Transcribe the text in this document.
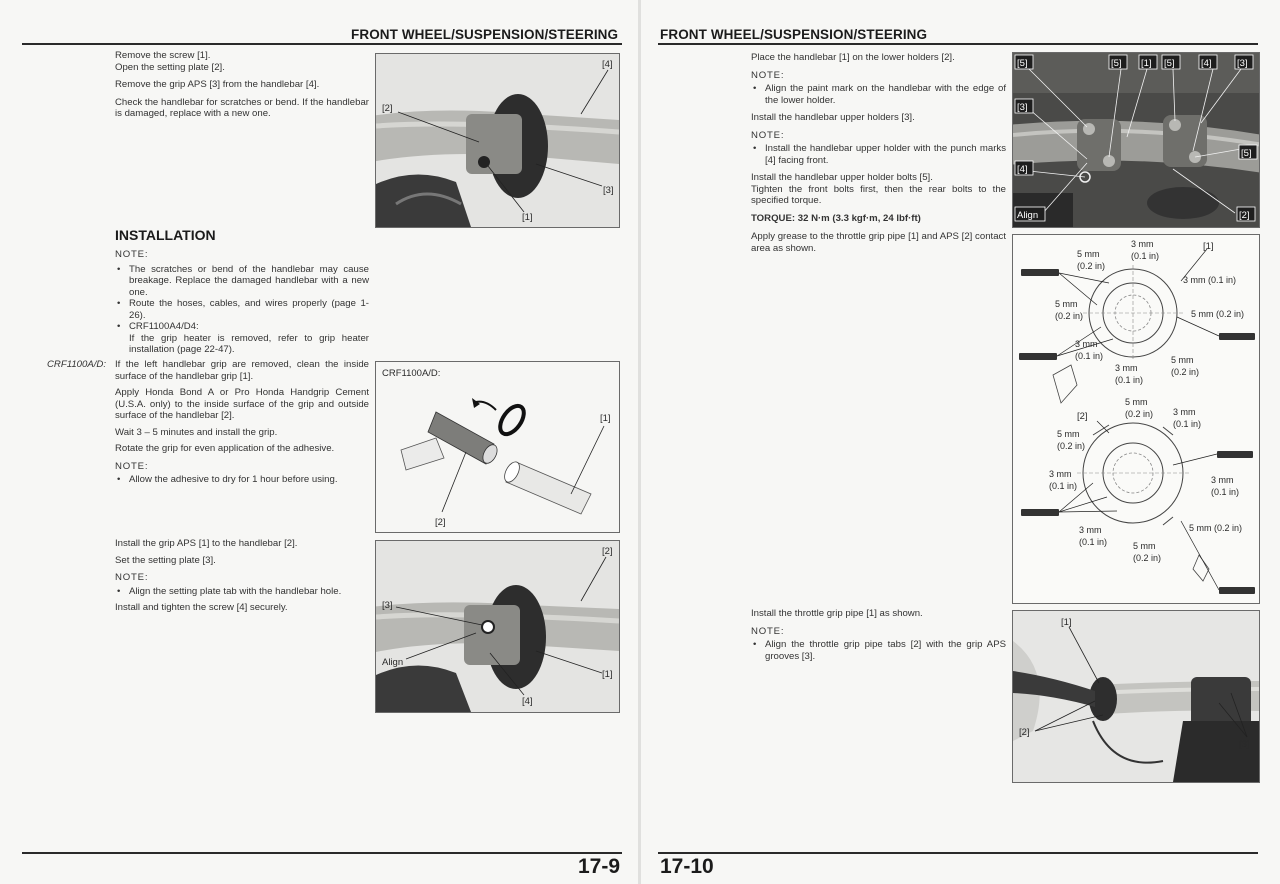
FRONT WHEEL/SUSPENSION/STEERING

Remove the screw [1].

Open the setting plate [2].

Remove the grip APS [3] from the handlebar [4].

Check the handlebar for scratches or bend. If the handlebar is damaged, replace with a new one.

[4]
[2]
[3]
[1]
INSTALLATION

NOTE:

• The scratches or bend of the handlebar may cause breakage. Replace the damaged handlebar with a new one.

• Route the hoses, cables, and wires properly (page 1-26).

• CRF1100A4/D4:

If the grip heater is removed, refer to grip heater installation (page 22-47).

CRF1100A/D: If the left handlebar grip are removed, clean the inside surface of the handlebar grip [1].

Apply Honda Bond A or Pro Honda Handgrip Cement (U.S.A. only) to the inside surface of the grip and outside surface of the handlebar [2].

Wait 3 – 5 minutes and install the grip.

Rotate the grip for even application of the adhesive.

NOTE:

• Allow the adhesive to dry for 1 hour before using.

CRF1100A/D:
[1]
[2]

Install the grip APS [1] to the handlebar [2].

Set the setting plate [3].

NOTE:

• Align the setting plate tab with the handlebar hole.

Install and tighten the screw [4] securely.

[2]
[3]
Align
[1]
[4]
17-9
FRONT WHEEL/SUSPENSION/STEERING

Place the handlebar [1] on the lower holders [2].

NOTE:

• Align the paint mark on the handlebar with the edge of the lower holder.

Install the handlebar upper holders [3].

NOTE:

• Install the handlebar upper holder with the punch marks [4] facing front.

Install the handlebar upper holder bolts [5].

Tighten the front bolts first, then the rear bolts to the specified torque.

TORQUE: 32 N·m (3.3 kgf·m, 24 lbf·ft)

Apply grease to the throttle grip pipe [1] and APS [2] contact area as shown.

[5]	[5] [1] [5]	[4]	[3]
[3]
[5]
[4]
Align	[2]
3 mm
(0.1 in)
[1]
5 mm
(0.2 in)
3 mm (0.1 in)
5 mm
(0.2 in)	5 mm (0.2 in)
3 mm
(0.1 in)	5 mm
(0.2 in)
3 mm
(0.1 in)
5 mm
(0.2 in)
[2]	3 mm
(0.1 in)
5 mm
(0.2 in)
3 mm
(0.1 in)
3 mm
(0.1 in)
5 mm (0.2 in)
3 mm
(0.1 in)	5 mm
(0.2 in)

Install the throttle grip pipe [1] as shown.

NOTE:

• Align the throttle grip pipe tabs [2] with the grip APS grooves [3].

[1]
[2]
[3]
17-10
